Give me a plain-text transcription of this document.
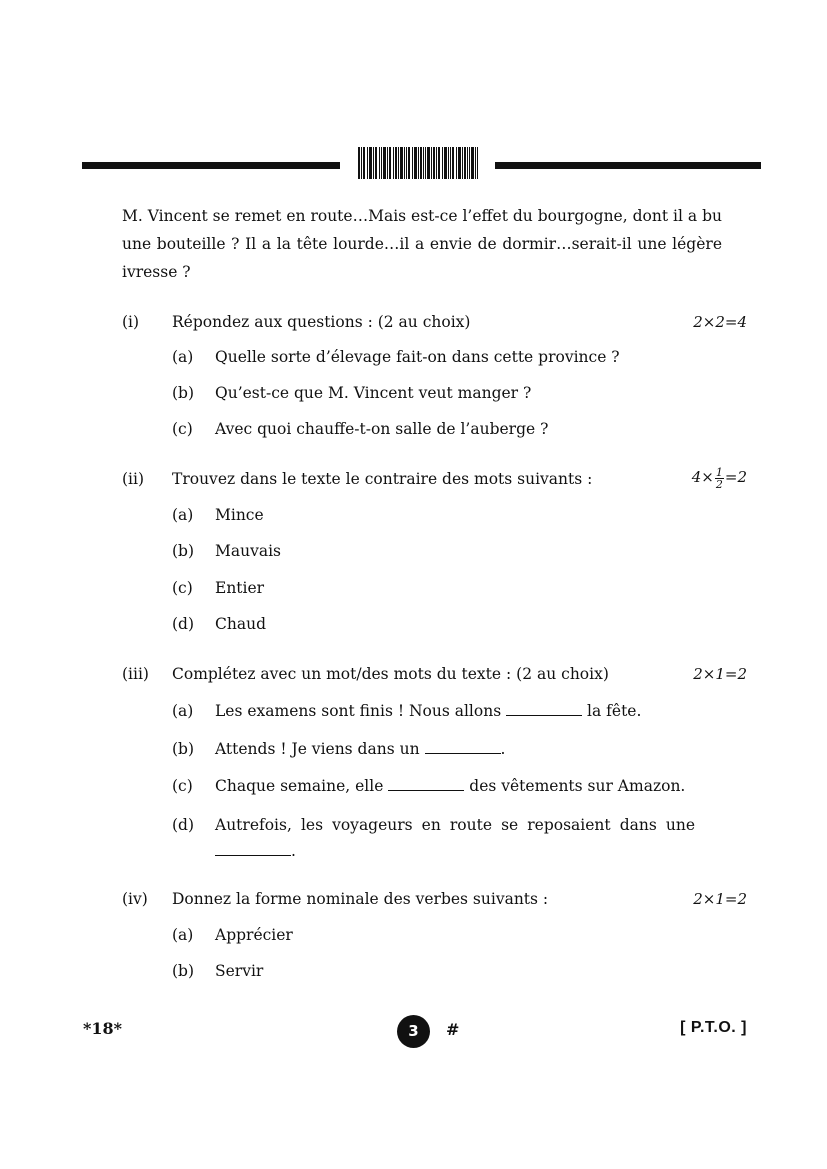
M. Vincent se remet en route…Mais est-ce l’effet du bourgogne, dont il a bu une bouteille ? Il a la tête lourde…il a envie de dormir…serait-il une légère ivresse ?
(i) Répondez aux questions : (2 au choix)	2×2=4
(a) Quelle sorte d’élevage fait-on dans cette province ?
(b) Qu’est-ce que M. Vincent veut manger ?
(c) Avec quoi chauffe-t-on salle de l’auberge ?
(ii) Trouvez dans le texte le contraire des mots suivants :	$4\times \frac{1}{2} =2$
(a) Mince
(b) Mauvais
(c) Entier
(d) Chaud
(iii) Complétez avec un mot/des mots du texte : (2 au choix)	2×1=2
(a) Les examens sont finis ! Nous allons	la fête.
(b) Attends ! Je viens dans un	.
(c) Chaque semaine, elle	des vêtements sur Amazon.
(d) Autrefois, les voyageurs en route se reposaient dans une
.
(iv) Donnez la forme nominale des verbes suivants :	2×1=2
(a) Apprécier
(b) Servir
*18*	3	#	[ P.T.O. ]
